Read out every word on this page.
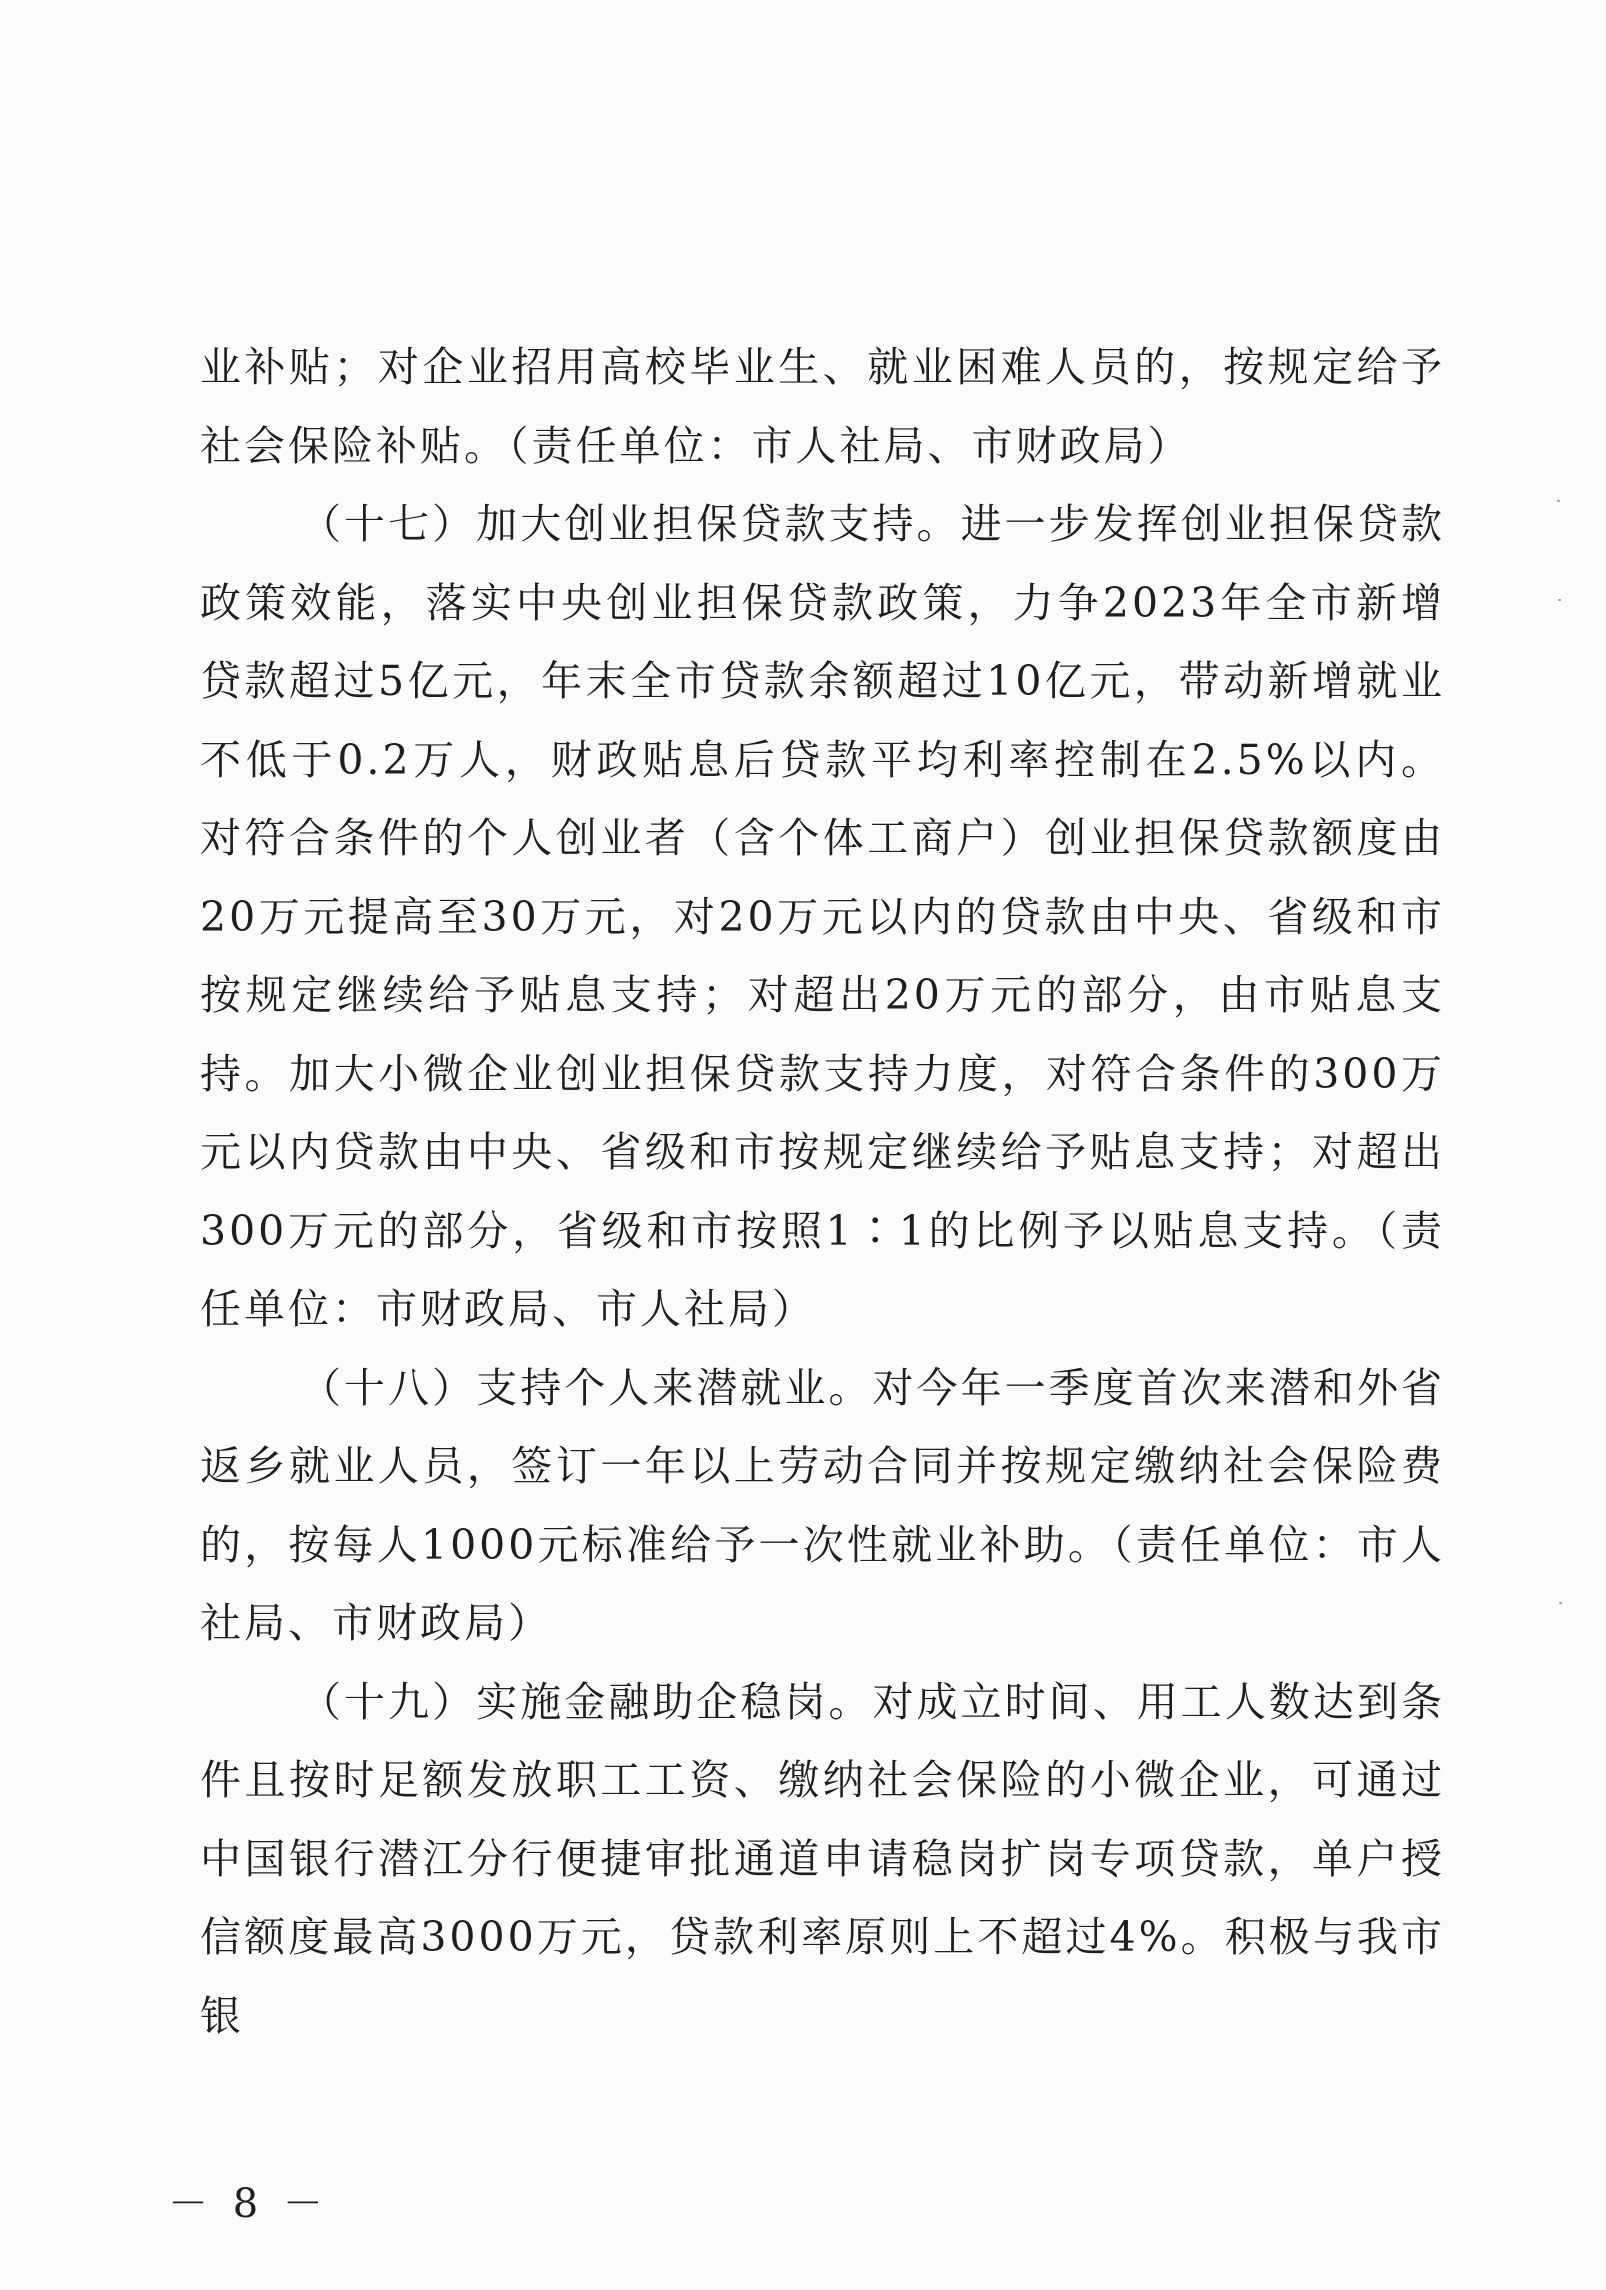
业补贴；对企业招用高校毕业生、就业困难人员的，按规定给予社会保险补贴。（责任单位：市人社局、市财政局）

（十七）加大创业担保贷款支持。进一步发挥创业担保贷款政策效能，落实中央创业担保贷款政策，力争2023年全市新增贷款超过5亿元，年末全市贷款余额超过10亿元，带动新增就业不低于0.2万人，财政贴息后贷款平均利率控制在2.5%以内。对符合条件的个人创业者（含个体工商户）创业担保贷款额度由20万元提高至30万元，对20万元以内的贷款由中央、省级和市按规定继续给予贴息支持；对超出20万元的部分，由市贴息支持。加大小微企业创业担保贷款支持力度，对符合条件的300万元以内贷款由中央、省级和市按规定继续给予贴息支持；对超出300万元的部分，省级和市按照1∶1的比例予以贴息支持。（责任单位：市财政局、市人社局）

（十八）支持个人来潜就业。对今年一季度首次来潜和外省返乡就业人员，签订一年以上劳动合同并按规定缴纳社会保险费的，按每人1000元标准给予一次性就业补助。（责任单位：市人社局、市财政局）

（十九）实施金融助企稳岗。对成立时间、用工人数达到条件且按时足额发放职工工资、缴纳社会保险的小微企业，可通过中国银行潜江分行便捷审批通道申请稳岗扩岗专项贷款，单户授信额度最高3000万元，贷款利率原则上不超过4%。积极与我市银

－ 8 －
